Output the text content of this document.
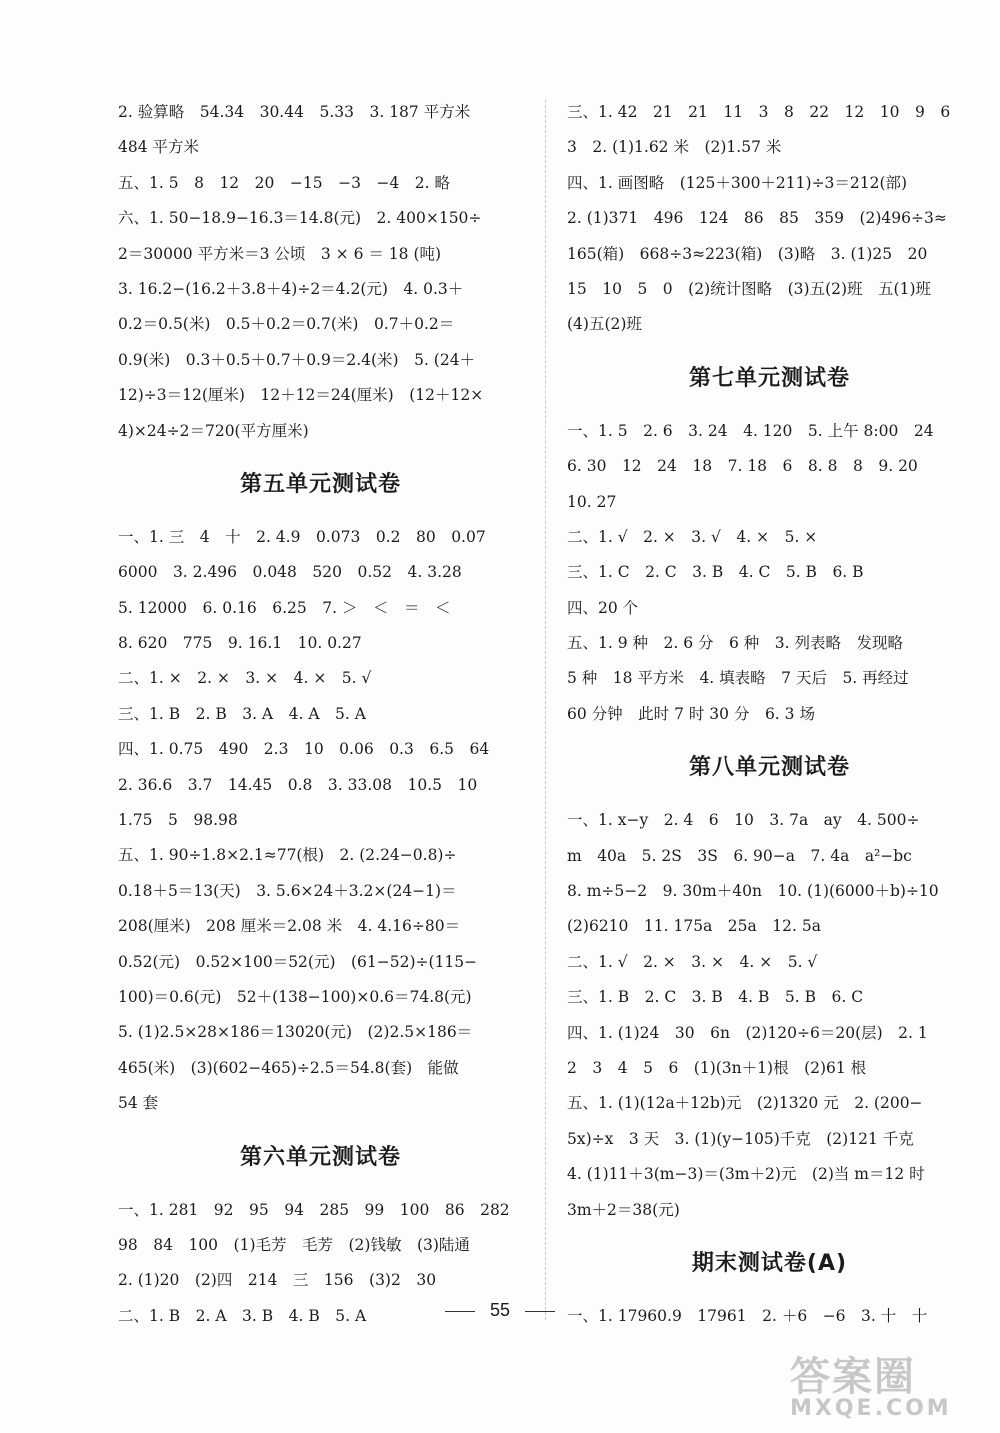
2. 验算略　54.34　30.44　5.33　3. 187 平方米
484 平方米
五、1. 5　8　12　20　−15　−3　−4　2. 略
六、1. 50−18.9−16.3＝14.8(元)　2. 400×150÷
2＝30000 平方米＝3 公顷　3 × 6 ＝ 18 (吨)
3. 16.2−(16.2＋3.8＋4)÷2＝4.2(元)　4. 0.3＋
0.2＝0.5(米)　0.5＋0.2＝0.7(米)　0.7＋0.2＝
0.9(米)　0.3＋0.5＋0.7＋0.9＝2.4(米)　5. (24＋
12)÷3＝12(厘米)　12＋12＝24(厘米)　(12＋12×
4)×24÷2＝720(平方厘米)
第五单元测试卷
一、1. 三　4　十　2. 4.9　0.073　0.2　80　0.07
6000　3. 2.496　0.048　520　0.52　4. 3.28
5. 12000　6. 0.16　6.25　7. ＞　＜　＝　＜
8. 620　775　9. 16.1　10. 0.27
二、1. ×　2. ×　3. ×　4. ×　5. √
三、1. B　2. B　3. A　4. A　5. A
四、1. 0.75　490　2.3　10　0.06　0.3　6.5　64
2. 36.6　3.7　14.45　0.8　3. 33.08　10.5　10
1.75　5　98.98
五、1. 90÷1.8×2.1≈77(根)　2. (2.24−0.8)÷
0.18＋5＝13(天)　3. 5.6×24＋3.2×(24−1)＝
208(厘米)　208 厘米＝2.08 米　4. 4.16÷80＝
0.52(元)　0.52×100＝52(元)　(61−52)÷(115−
100)＝0.6(元)　52＋(138−100)×0.6＝74.8(元)
5. (1)2.5×28×186＝13020(元)　(2)2.5×186＝
465(米)　(3)(602−465)÷2.5＝54.8(套)　能做
54 套
第六单元测试卷
一、1. 281　92　95　94　285　99　100　86　282
98　84　100　(1)毛芳　毛芳　(2)钱敏　(3)陆通
2. (1)20　(2)四　214　三　156　(3)2　30
二、1. B　2. A　3. B　4. B　5. A
三、1. 42　21　21　11　3　8　22　12　10　9　6
3　2. (1)1.62 米　(2)1.57 米
四、1. 画图略　(125＋300＋211)÷3＝212(部)
2. (1)371　496　124　86　85　359　(2)496÷3≈
165(箱)　668÷3≈223(箱)　(3)略　3. (1)25　20
15　10　5　0　(2)统计图略　(3)五(2)班　五(1)班
(4)五(2)班
第七单元测试卷
一、1. 5　2. 6　3. 24　4. 120　5. 上午 8:00　24
6. 30　12　24　18　7. 18　6　8. 8　8　9. 20
10. 27
二、1. √　2. ×　3. √　4. ×　5. ×
三、1. C　2. C　3. B　4. C　5. B　6. B
四、20 个
五、1. 9 种　2. 6 分　6 种　3. 列表略　发现略
5 种　18 平方米　4. 填表略　7 天后　5. 再经过
60 分钟　此时 7 时 30 分　6. 3 场
第八单元测试卷
一、1. x−y　2. 4　6　10　3. 7a　ay　4. 500÷
m　40a　5. 2S　3S　6. 90−a　7. 4a　a²−bc
8. m÷5−2　9. 30m＋40n　10. (1)(6000＋b)÷10
(2)6210　11. 175a　25a　12. 5a
二、1. √　2. ×　3. ×　4. ×　5. √
三、1. B　2. C　3. B　4. B　5. B　6. C
四、1. (1)24　30　6n　(2)120÷6＝20(层)　2. 1
2　3　4　5　6　(1)(3n＋1)根　(2)61 根
五、1. (1)(12a＋12b)元　(2)1320 元　2. (200−
5x)÷x　3 天　3. (1)(y−105)千克　(2)121 千克
4. (1)11＋3(m−3)＝(3m＋2)元　(2)当 m＝12 时
3m＋2＝38(元)
期末测试卷(A)
一、1. 17960.9　17961　2. ＋6　−6　3. 十　十
55
答案圈
MXQE.COM
